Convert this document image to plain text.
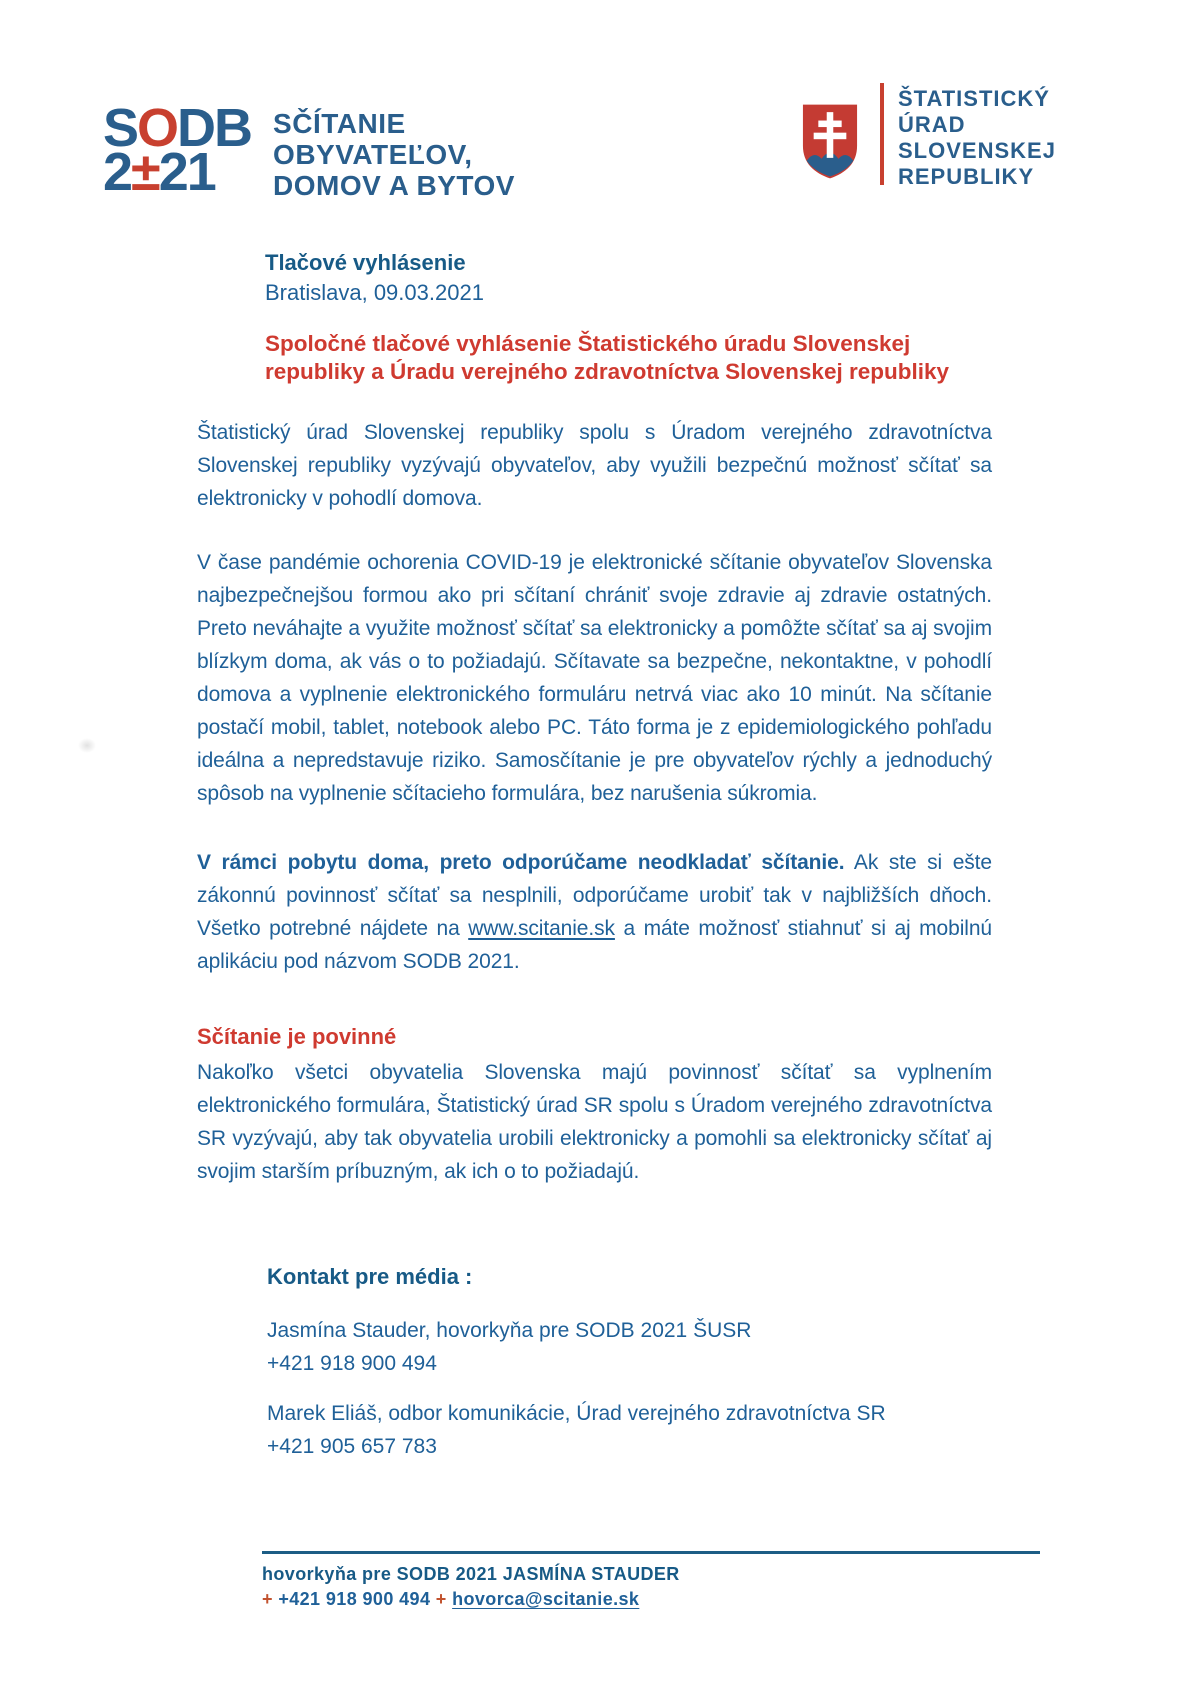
SODB
2±21
SČÍTANIE
OBYVATEĽOV,
DOMOV A BYTOV
ŠTATISTICKÝ
ÚRAD
SLOVENSKEJ
REPUBLIKY
Tlačové vyhlásenie
Bratislava, 09.03.2021
Spoločné tlačové vyhlásenie Štatistického úradu Slovenskej republiky a Úradu verejného zdravotníctva Slovenskej republiky

Štatistický úrad Slovenskej republiky spolu s Úradom verejného zdravotníctva Slovenskej republiky vyzývajú obyvateľov, aby využili bezpečnú možnosť sčítať sa elektronicky v pohodlí domova.

V čase pandémie ochorenia COVID-19 je elektronické sčítanie obyvateľov Slovenska najbezpečnejšou formou ako pri sčítaní chrániť svoje zdravie aj zdravie ostatných. Preto neváhajte a využite možnosť sčítať sa elektronicky a pomôžte sčítať sa aj svojim blízkym doma, ak vás o to požiadajú. Sčítavate sa bezpečne, nekontaktne, v pohodlí domova a vyplnenie elektronického formuláru netrvá viac ako 10 minút. Na sčítanie postačí mobil, tablet, notebook alebo PC. Táto forma je z epidemiologického pohľadu ideálna a nepredstavuje riziko. Samosčítanie je pre obyvateľov rýchly a jednoduchý spôsob na vyplnenie sčítacieho formulára, bez narušenia súkromia.

V rámci pobytu doma, preto odporúčame neodkladať sčítanie. Ak ste si ešte zákonnú povinnosť sčítať sa nesplnili, odporúčame urobiť tak v najbližších dňoch. Všetko potrebné nájdete na www.scitanie.sk a máte možnosť stiahnuť si aj mobilnú aplikáciu pod názvom SODB 2021.

Sčítanie je povinné

Nakoľko všetci obyvatelia Slovenska majú povinnosť sčítať sa vyplnením elektronického formulára, Štatistický úrad SR spolu s Úradom verejného zdravotníctva SR vyzývajú, aby tak obyvatelia urobili elektronicky a pomohli sa elektronicky sčítať aj svojim starším príbuzným, ak ich o to požiadajú.

Kontakt pre média :
Jasmína Stauder, hovorkyňa pre SODB 2021 ŠUSR
+421 918 900 494
Marek Eliáš, odbor komunikácie, Úrad verejného zdravotníctva SR
+421 905 657 783
hovorkyňa pre SODB 2021 JASMÍNA STAUDER
+ +421 918 900 494 + hovorca@scitanie.sk
